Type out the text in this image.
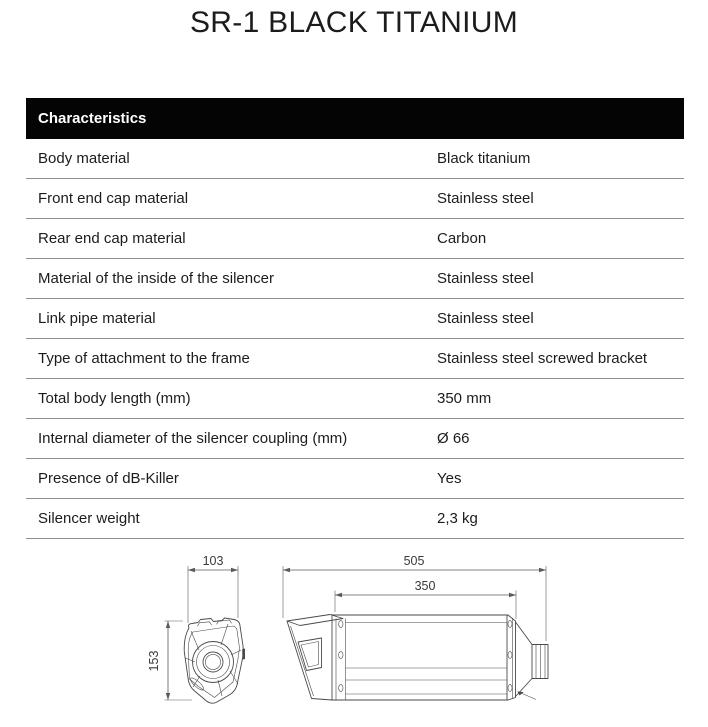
SR-1 BLACK TITANIUM
Characteristics
Body material	Black titanium
Front end cap material	Stainless steel
Rear end cap material	Carbon
Material of the inside of the silencer	Stainless steel
Link pipe material	Stainless steel
Type of attachment to the frame	Stainless steel screwed bracket
Total body length (mm)	350 mm
Internal diameter of the silencer coupling (mm)	Ø 66
Presence of dB-Killer	Yes
Silencer weight	2,3 kg
103	505
350
153
